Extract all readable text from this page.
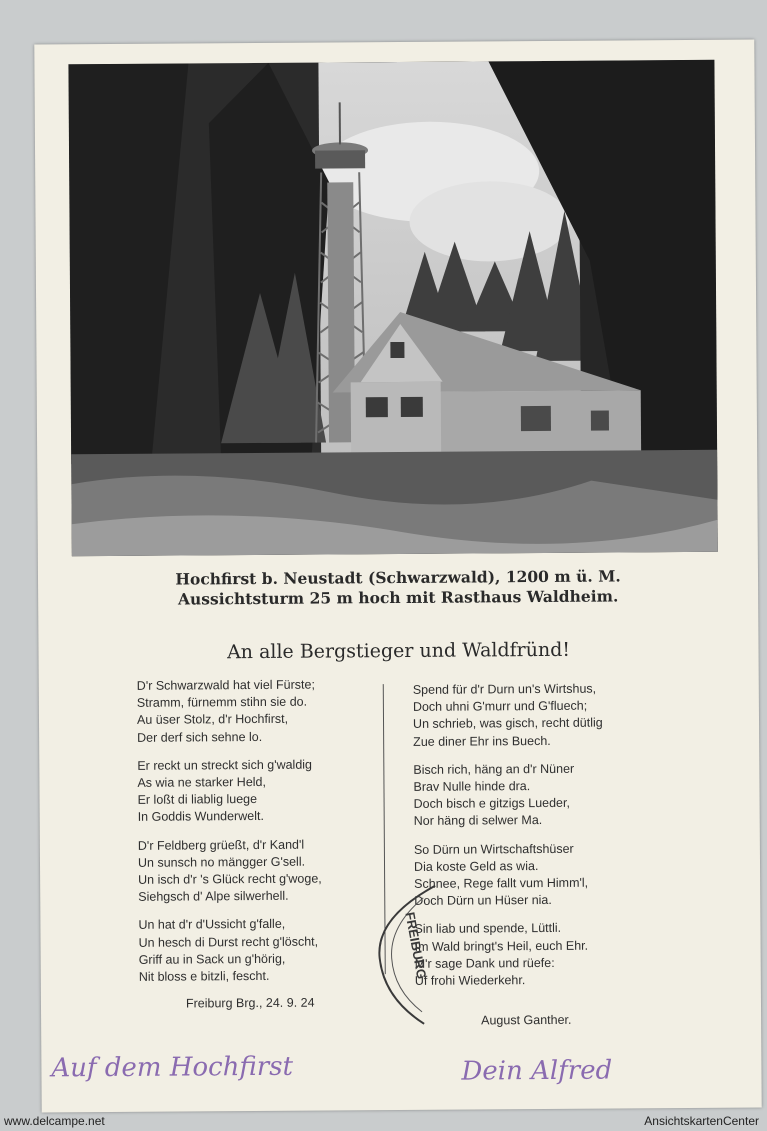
Hochfirst b. Neustadt (Schwarzwald), 1200 m ü. M.
Aussichtsturm 25 m hoch mit Rasthaus Waldheim.
An alle Bergstieger und Waldfründ!
D'r Schwarzwald hat viel Fürste;
Stramm, fürnemm stihn sie do.
Au üser Stolz, d'r Hochfirst,
Der derf sich sehne lo.
Er reckt un streckt sich g'waldig
As wia ne starker Held,
Er loßt di liablig luege
In Goddis Wunderwelt.
D'r Feldberg grüeßt, d'r Kand'l
Un sunsch no mängger G'sell.
Un isch d'r 's Glück recht g'woge,
Siehgsch d' Alpe silwerhell.
Un hat d'r d'Ussicht g'falle,
Un hesch di Durst recht g'löscht,
Griff au in Sack un g'hörig,
Nit bloss e bitzli, fescht.
Spend für d'r Durn un's Wirtshus,
Doch uhni G'murr und G'fluech;
Un schrieb, was gisch, recht dütlig
Zue diner Ehr ins Buech.
Bisch rich, häng an d'r Nüner
Brav Nulle hinde dra.
Doch bisch e gitzigs Lueder,
Nor häng di selwer Ma.
So Dürn un Wirtschaftshüser
Dia koste Geld as wia.
Schnee, Rege fallt vum Himm'l,
Doch Dürn un Hüser nia.
Sin liab und spende, Lüttli.
Im Wald bringt's Heil, euch Ehr.
M'r sage Dank und rüefe:
Uf frohi Wiederkehr.
Freiburg Brg., 24. 9. 24
August Ganther.
FREIBURG
Auf dem Hochfirst	Dein Alfred
www.delcampe.net	AnsichtskartenCenter
